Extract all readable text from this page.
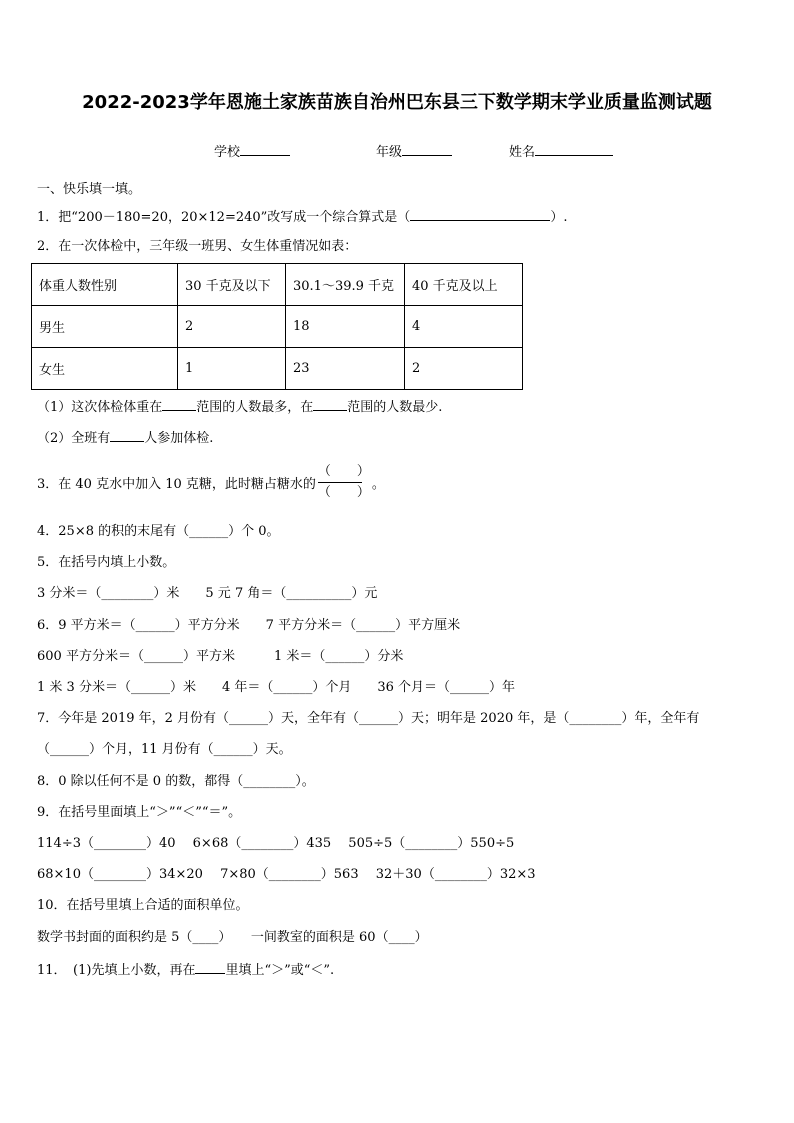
2022-2023学年恩施土家族苗族自治州巴东县三下数学期末学业质量监测试题
学校	年级	姓名
一、快乐填一填。
1．把“200－180=20，20×12=240”改写成一个综合算式是（	）.
2．在一次体检中，三年级一班男、女生体重情况如表：
体重人数性别	30 千克及以下	30.1～39.9 千克	40 千克及以上
男生	2	18	4
女生	1	23	2
（1）这次体检体重在	范围的人数最多，在	范围的人数最少.
（2）全班有	人参加体检.
3．在 40 克水中加入 10 克糖，此时糖占糖水的 $\frac{( )}{( )}$ 。
4．25×8 的积的末尾有（______）个 0。
5．在括号内填上小数。
3 分米＝（________）米　　5 元 7 角＝（__________）元
6．9 平方米＝（______）平方分米　　7 平方分米＝（______）平方厘米
600 平方分米＝（______）平方米　　　1 米＝（______）分米
1 米 3 分米＝（______）米　　4 年＝（______）个月　　36 个月＝（______）年
7．今年是 2019 年，2 月份有（______）天，全年有（______）天；明年是 2020 年，是（________）年，全年有
（______）个月，11 月份有（______）天。
8．0 除以任何不是 0 的数，都得（________）。
9．在括号里面填上“＞”“＜”“＝”。
114÷3（________）40　 6×68（________）435　 505÷5（________）550÷5
68×10（________）34×20　 7×80（________）563　 32＋30（________）32×3
10．在括号里填上合适的面积单位。
数学书封面的面积约是 5（____）　　一间教室的面积是 60（____）
11．　(1)先填上小数，再在 里填上“＞”或“＜”.
